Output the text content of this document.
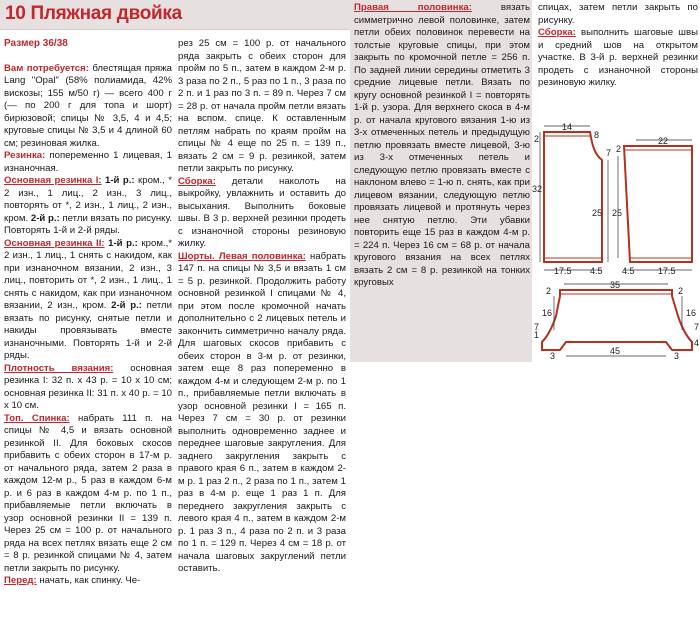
10 Пляжная двойка

Размер 36/38

Вам потребуется: блестящая пряжа Lang "Opal" (58% полиамида, 42% вискозы; 155 м/50 г) — всего 400 г (— по 200 г для топа и шорт) бирюзовой; спицы № 3,5, 4 и 4,5; круговые спицы № 3,5 и 4 длиной 60 см; резиновая жилка.

Резинка: попеременно 1 лицевая, 1 изнаночная.

Основная резинка I: 1-й р.: кром., * 2 изн., 1 лиц., 2 изн., 3 лиц., повторять от *, 2 изн., 1 лиц., 2 изн., кром. 2-й р.: петли вязать по рисунку. Повторять 1-й и 2-й ряды.

Основная резинка II: 1-й р.: кром.,* 2 изн., 1 лиц., 1 снять с накидом, как при изнаночном вязании, 2 изн., 3 лиц., повторить от *, 2 изн., 1 лиц., 1 снять с накидом, как при изнаночном вязании, 2 изн., кром. 2-й р.: петли вязать по рисунку, снятые петли и накиды провязывать вместе изнаночными. Повторять 1-й и 2-й ряды.

Плотность вязания: основная резинка I: 32 п. х 43 р. = 10 х 10 см; основная резинка II: 31 п. х 40 р. = 10 х 10 см.

Топ. Спинка: набрать 111 п. на спицы № 4,5 и вязать основной резинкой II. Для боковых скосов прибавить с обеих сторон в 17-м р. от начального ряда, затем 2 раза в каждом 12-м р., 5 раз в каждом 6-м р. и 6 раз в каждом 4-м р. по 1 п., прибавляемые петли включать в узор основной резинки II = 139 п. Через 25 см = 100 р. от начального ряда на всех петлях вязать еще 2 см = 8 р. резинкой спицами № 4, затем петли закрыть по рисунку.

Перед: начать, как спинку. Че-

рез 25 см = 100 р. от начального ряда закрыть с обеих сторон для пройм по 5 п., затем в каждом 2-м р. 3 раза по 2 п., 5 раз по 1 п., 3 раза по 2 п. и 1 раз по 3 п. = 89 п. Через 7 см = 28 р. от начала пройм петли вязать на вспом. спице. К оставленным петлям набрать по краям пройм на спицы № 4 еще по 25 п. = 139 п., вязать 2 см = 9 р. резинкой, затем петли закрыть по рисунку.

Сборка: детали наколоть на выкройку, увлажнить и оставить до высыхания. Выполнить боковые швы. В 3 р. верхней резинки продеть с изнаночной стороны резиновую жилку.

Шорты. Левая половинка: набрать 147 п. на спицы № 3,5 и вязать 1 см = 5 р. резинкой. Продолжить работу основной резинкой I спицами № 4, при этом после кромочной начать дополнительно с 2 лицевых петель и закончить симметрично началу ряда. Для шаговых скосов прибавить с обеих сторон в 3-м р. от резинки, затем еще 8 раз попеременно в каждом 4-м и следующем 2-м р. по 1 п., прибавляемые петли включать в узор основной резинки I = 165 п. Через 7 см = 30 р. от резинки выполнить одновременно заднее и переднее шаговые закругления. Для заднего закругления закрыть с правого края 6 п., затем в каждом 2-м р. 1 раз 2 п., 2 раза по 1 п., затем 1 раз в 4-м р. еще 1 раз 1 п. Для переднего закругления закрыть с левого края 4 п., затем в каждом 2-м р. 1 раз 3 п., 4 раза по 2 п. и 3 раза по 1 п. = 129 п. Через 4 см = 18 р. от начала шаговых закруглений петли оставить.

Правая половинка: вязать симметрично левой половинке, затем петли обеих половинок перевести на толстые круговые спицы, при этом закрыть по кромочной петле = 256 п. По задней линии середины отметить 3 средние лицевые петли. Вязать по кругу основной резинкой I = повторять 1-й р. узора. Для верхнего скоса в 4-м р. от начала кругового вязания 1-ю из 3-х отмеченных петель и предыдущую петлю провязать вместе лицевой, 3-ю из 3-х отмеченных петель и следующую петлю провязать вместе с наклоном влево = 1-ю п. снять, как при лицевом вязании, следующую петлю провязать лицевой и протянуть через нее снятую петлю. Эти убавки повторить еще 15 раз в каждом 4-м р. = 224 п. Через 16 см = 68 р. от начала кругового вязания на всех петлях вязать 2 см = 8 р. резинкой на тонких круговых

спицах, затем петли закрыть по рисунку.

Сборка: выполнить шаговые швы и средний шов на открытом участке. В 3-й р. верхней резинки продеть с изнаночной стороны резиновую жилку.

14
8
2
7
32
25
17.5 4.5
2
22
25
4.5	17.5
2
35
2
16	16
1
7	7
45
3	3
4
